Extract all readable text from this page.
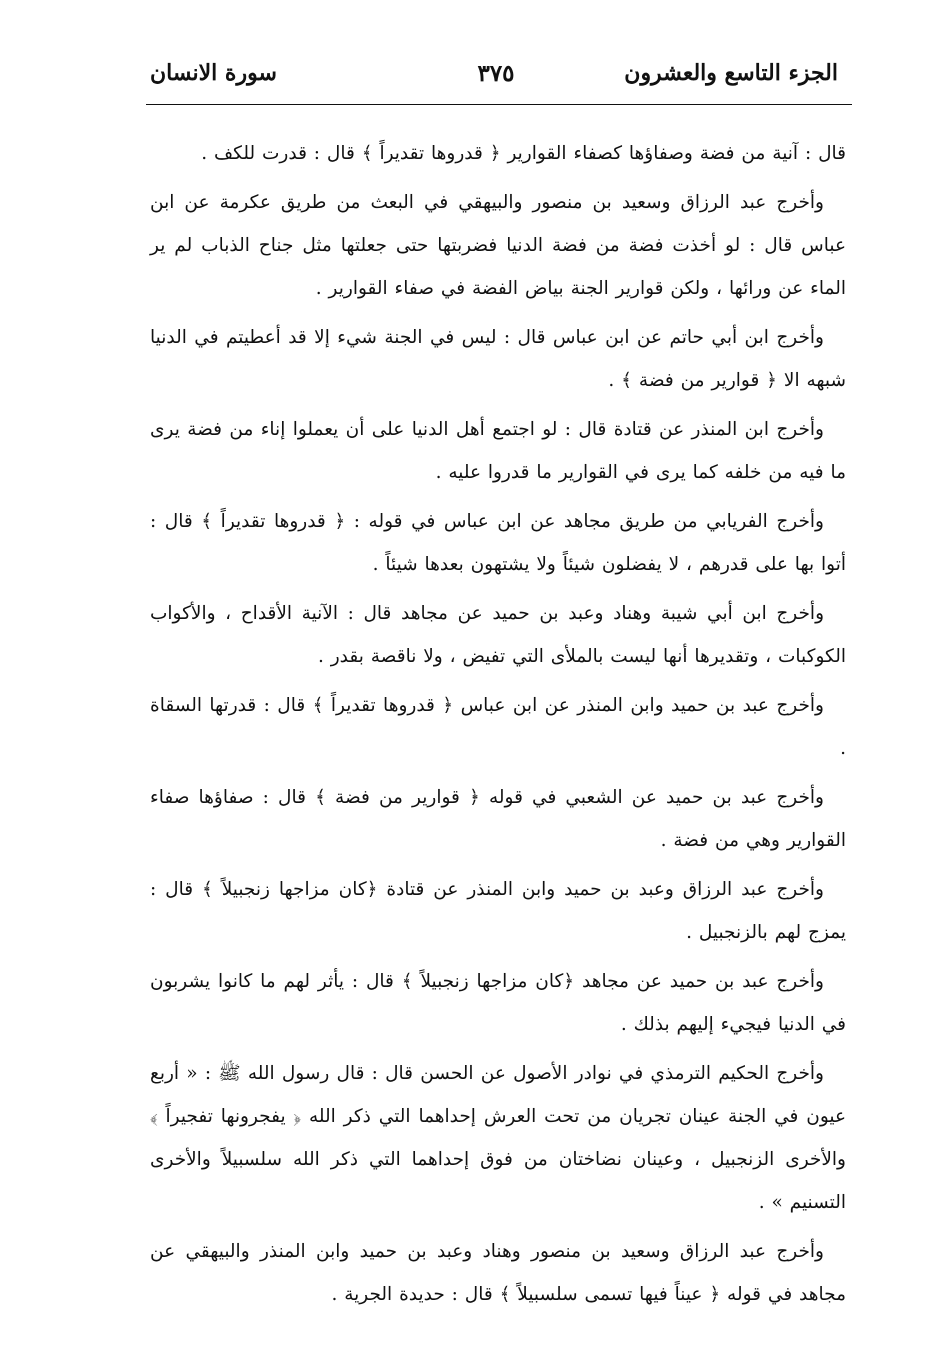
الجزء التاسع والعشرون
٣٧٥
سورة الانسان

قال : آنية من فضة وصفاؤها كصفاء القوارير ﴿ قدروها تقديراً ﴾ قال : قدرت للكف .

وأخرج عبد الرزاق وسعيد بن منصور والبيهقي في البعث من طريق عكرمة عن ابن عباس قال : لو أخذت فضة من فضة الدنيا فضربتها حتى جعلتها مثل جناح الذباب لم ير الماء عن ورائها ، ولكن قوارير الجنة بياض الفضة في صفاء القوارير .

وأخرج ابن أبي حاتم عن ابن عباس قال : ليس في الجنة شيء إلا قد أعطيتم في الدنيا شبهه الا ﴿ قوارير من فضة ﴾ .

وأخرج ابن المنذر عن قتادة قال : لو اجتمع أهل الدنيا على أن يعملوا إناء من فضة يرى ما فيه من خلفه كما يرى في القوارير ما قدروا عليه .

وأخرج الفريابي من طريق مجاهد عن ابن عباس في قوله : ﴿ قدروها تقديراً ﴾ قال : أتوا بها على قدرهم ، لا يفضلون شيئاً ولا يشتهون بعدها شيئاً .

وأخرج ابن أبي شيبة وهناد وعبد بن حميد عن مجاهد قال : الآنية الأقداح ، والأكواب الكوكبات ، وتقديرها أنها ليست بالملأى التي تفيض ، ولا ناقصة بقدر .

وأخرج عبد بن حميد وابن المنذر عن ابن عباس ﴿ قدروها تقديراً ﴾ قال : قدرتها السقاة .

وأخرج عبد بن حميد عن الشعبي في قوله ﴿ قوارير من فضة ﴾ قال : صفاؤها صفاء القوارير وهي من فضة .

وأخرج عبد الرزاق وعبد بن حميد وابن المنذر عن قتادة ﴿كان مزاجها زنجبيلاً ﴾ قال : يمزج لهم بالزنجبيل .

وأخرج عبد بن حميد عن مجاهد ﴿كان مزاجها زنجبيلاً ﴾ قال : يأثر لهم ما كانوا يشربون في الدنيا فيجيء إليهم بذلك .

وأخرج الحكيم الترمذي في نوادر الأصول عن الحسن قال : قال رسول الله ﷺ : « أربع عيون في الجنة عينان تجريان من تحت العرش إحداهما التي ذكر الله ﴿ يفجرونها تفجيراً ﴾ والأخرى الزنجبيل ، وعينان نضاختان من فوق إحداهما التي ذكر الله سلسبيلاً والأخرى التسنيم » .

وأخرج عبد الرزاق وسعيد بن منصور وهناد وعبد بن حميد وابن المنذر والبيهقي عن مجاهد في قوله ﴿ عيناً فيها تسمى سلسبيلاً ﴾ قال : حديدة الجرية .
